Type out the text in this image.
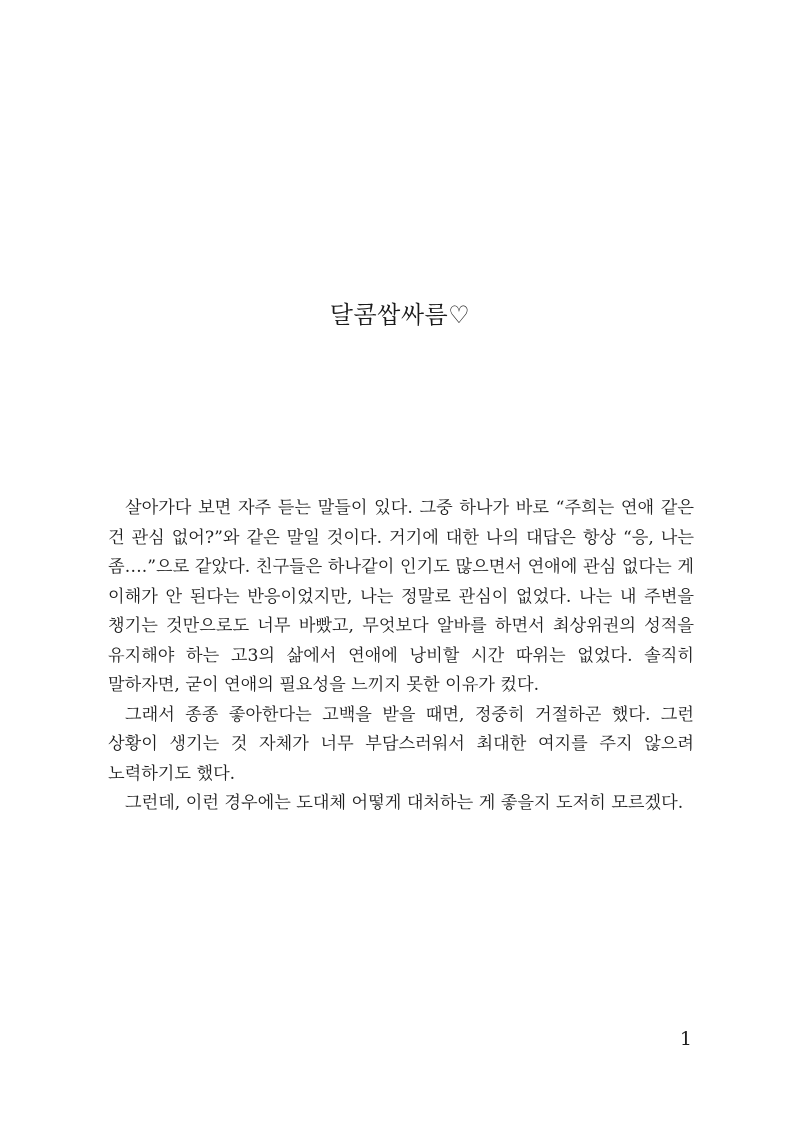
달콤쌉싸름♡

살아가다 보면 자주 듣는 말들이 있다. 그중 하나가 바로 “주희는 연애 같은 건 관심 없어?”와 같은 말일 것이다. 거기에 대한 나의 대답은 항상 “응, 나는 좀….”으로 같았다. 친구들은 하나같이 인기도 많으면서 연애에 관심 없다는 게 이해가 안 된다는 반응이었지만, 나는 정말로 관심이 없었다. 나는 내 주변을 챙기는 것만으로도 너무 바빴고, 무엇보다 알바를 하면서 최상위권의 성적을 유지해야 하는 고3의 삶에서 연애에 낭비할 시간 따위는 없었다. 솔직히 말하자면, 굳이 연애의 필요성을 느끼지 못한 이유가 컸다.

그래서 종종 좋아한다는 고백을 받을 때면, 정중히 거절하곤 했다. 그런 상황이 생기는 것 자체가 너무 부담스러워서 최대한 여지를 주지 않으려 노력하기도 했다.

그런데, 이런 경우에는 도대체 어떻게 대처하는 게 좋을지 도저히 모르겠다.

1
